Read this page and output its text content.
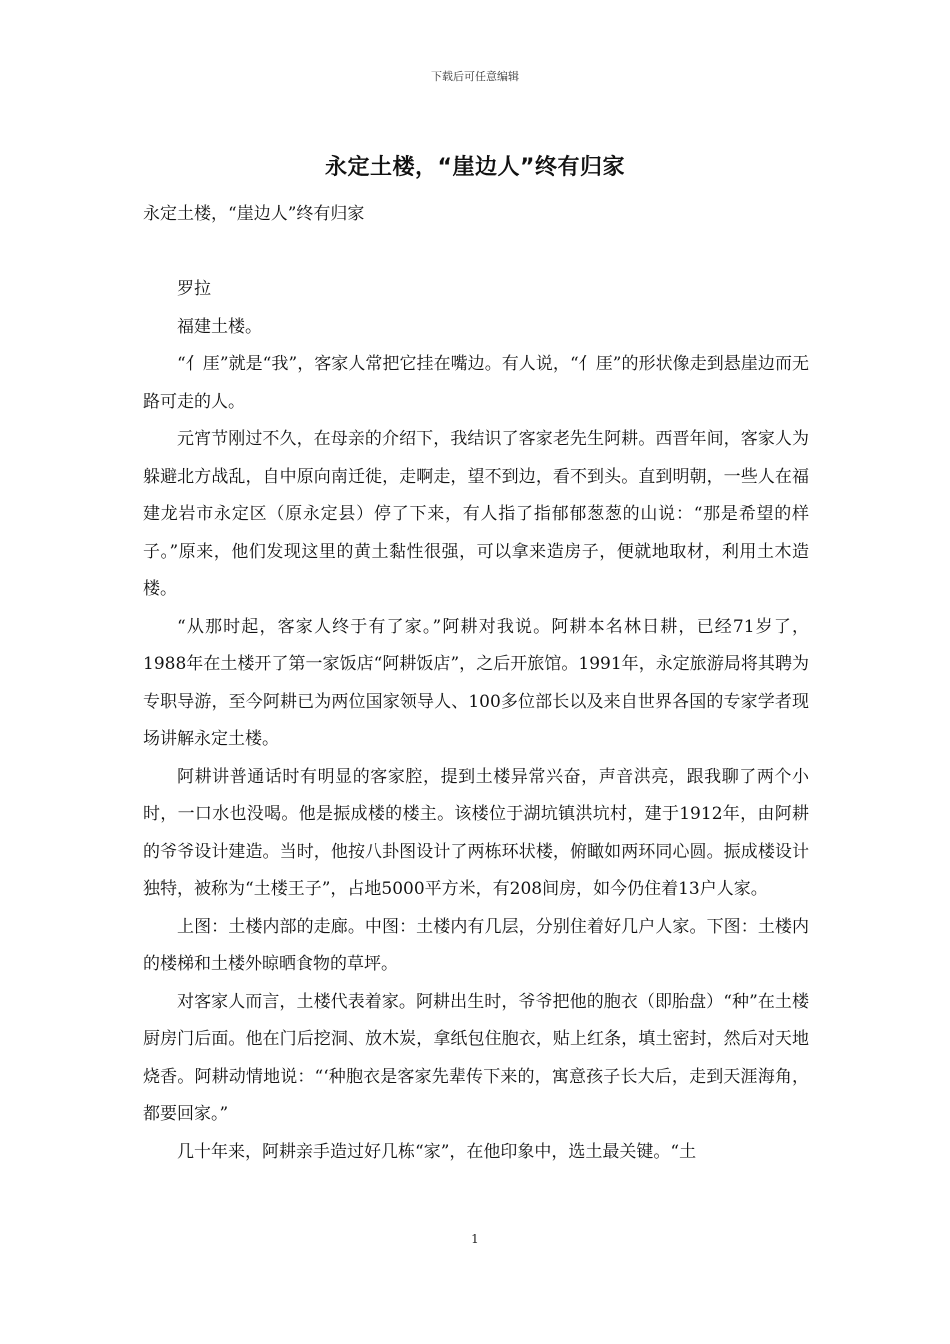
下载后可任意编辑
永定土楼，“崖边人”终有归家

永定土楼，“崖边人”终有归家

罗拉

福建土楼。

“亻厓”就是“我”，客家人常把它挂在嘴边。有人说，“亻厓”的形状像走到悬崖边而无路可走的人。

元宵节刚过不久，在母亲的介绍下，我结识了客家老先生阿耕。西晋年间，客家人为躲避北方战乱，自中原向南迁徙，走啊走，望不到边，看不到头。直到明朝，一些人在福建龙岩市永定区（原永定县）停了下来，有人指了指郁郁葱葱的山说：“那是希望的样子。”原来，他们发现这里的黄土黏性很强，可以拿来造房子，便就地取材，利用土木造楼。

“从那时起，客家人终于有了家。”阿耕对我说。阿耕本名林日耕，已经71岁了，1988年在土楼开了第一家饭店“阿耕饭店”，之后开旅馆。1991年，永定旅游局将其聘为专职导游，至今阿耕已为两位国家领导人、100多位部长以及来自世界各国的专家学者现场讲解永定土楼。

阿耕讲普通话时有明显的客家腔，提到土楼异常兴奋，声音洪亮，跟我聊了两个小时，一口水也没喝。他是振成楼的楼主。该楼位于湖坑镇洪坑村，建于1912年，由阿耕的爷爷设计建造。当时，他按八卦图设计了两栋环状楼，俯瞰如两环同心圆。振成楼设计独特，被称为“土楼王子”，占地5000平方米，有208间房，如今仍住着13户人家。

上图：土楼内部的走廊。中图：土楼内有几层，分别住着好几户人家。下图：土楼内的楼梯和土楼外晾晒食物的草坪。

对客家人而言，土楼代表着家。阿耕出生时，爷爷把他的胞衣（即胎盘）“种”在土楼厨房门后面。他在门后挖洞、放木炭，拿纸包住胞衣，贴上红条，填土密封，然后对天地烧香。阿耕动情地说：“‘种胞衣是客家先辈传下来的，寓意孩子长大后，走到天涯海角，都要回家。”

几十年来，阿耕亲手造过好几栋“家”，在他印象中，选土最关键。“土

1
